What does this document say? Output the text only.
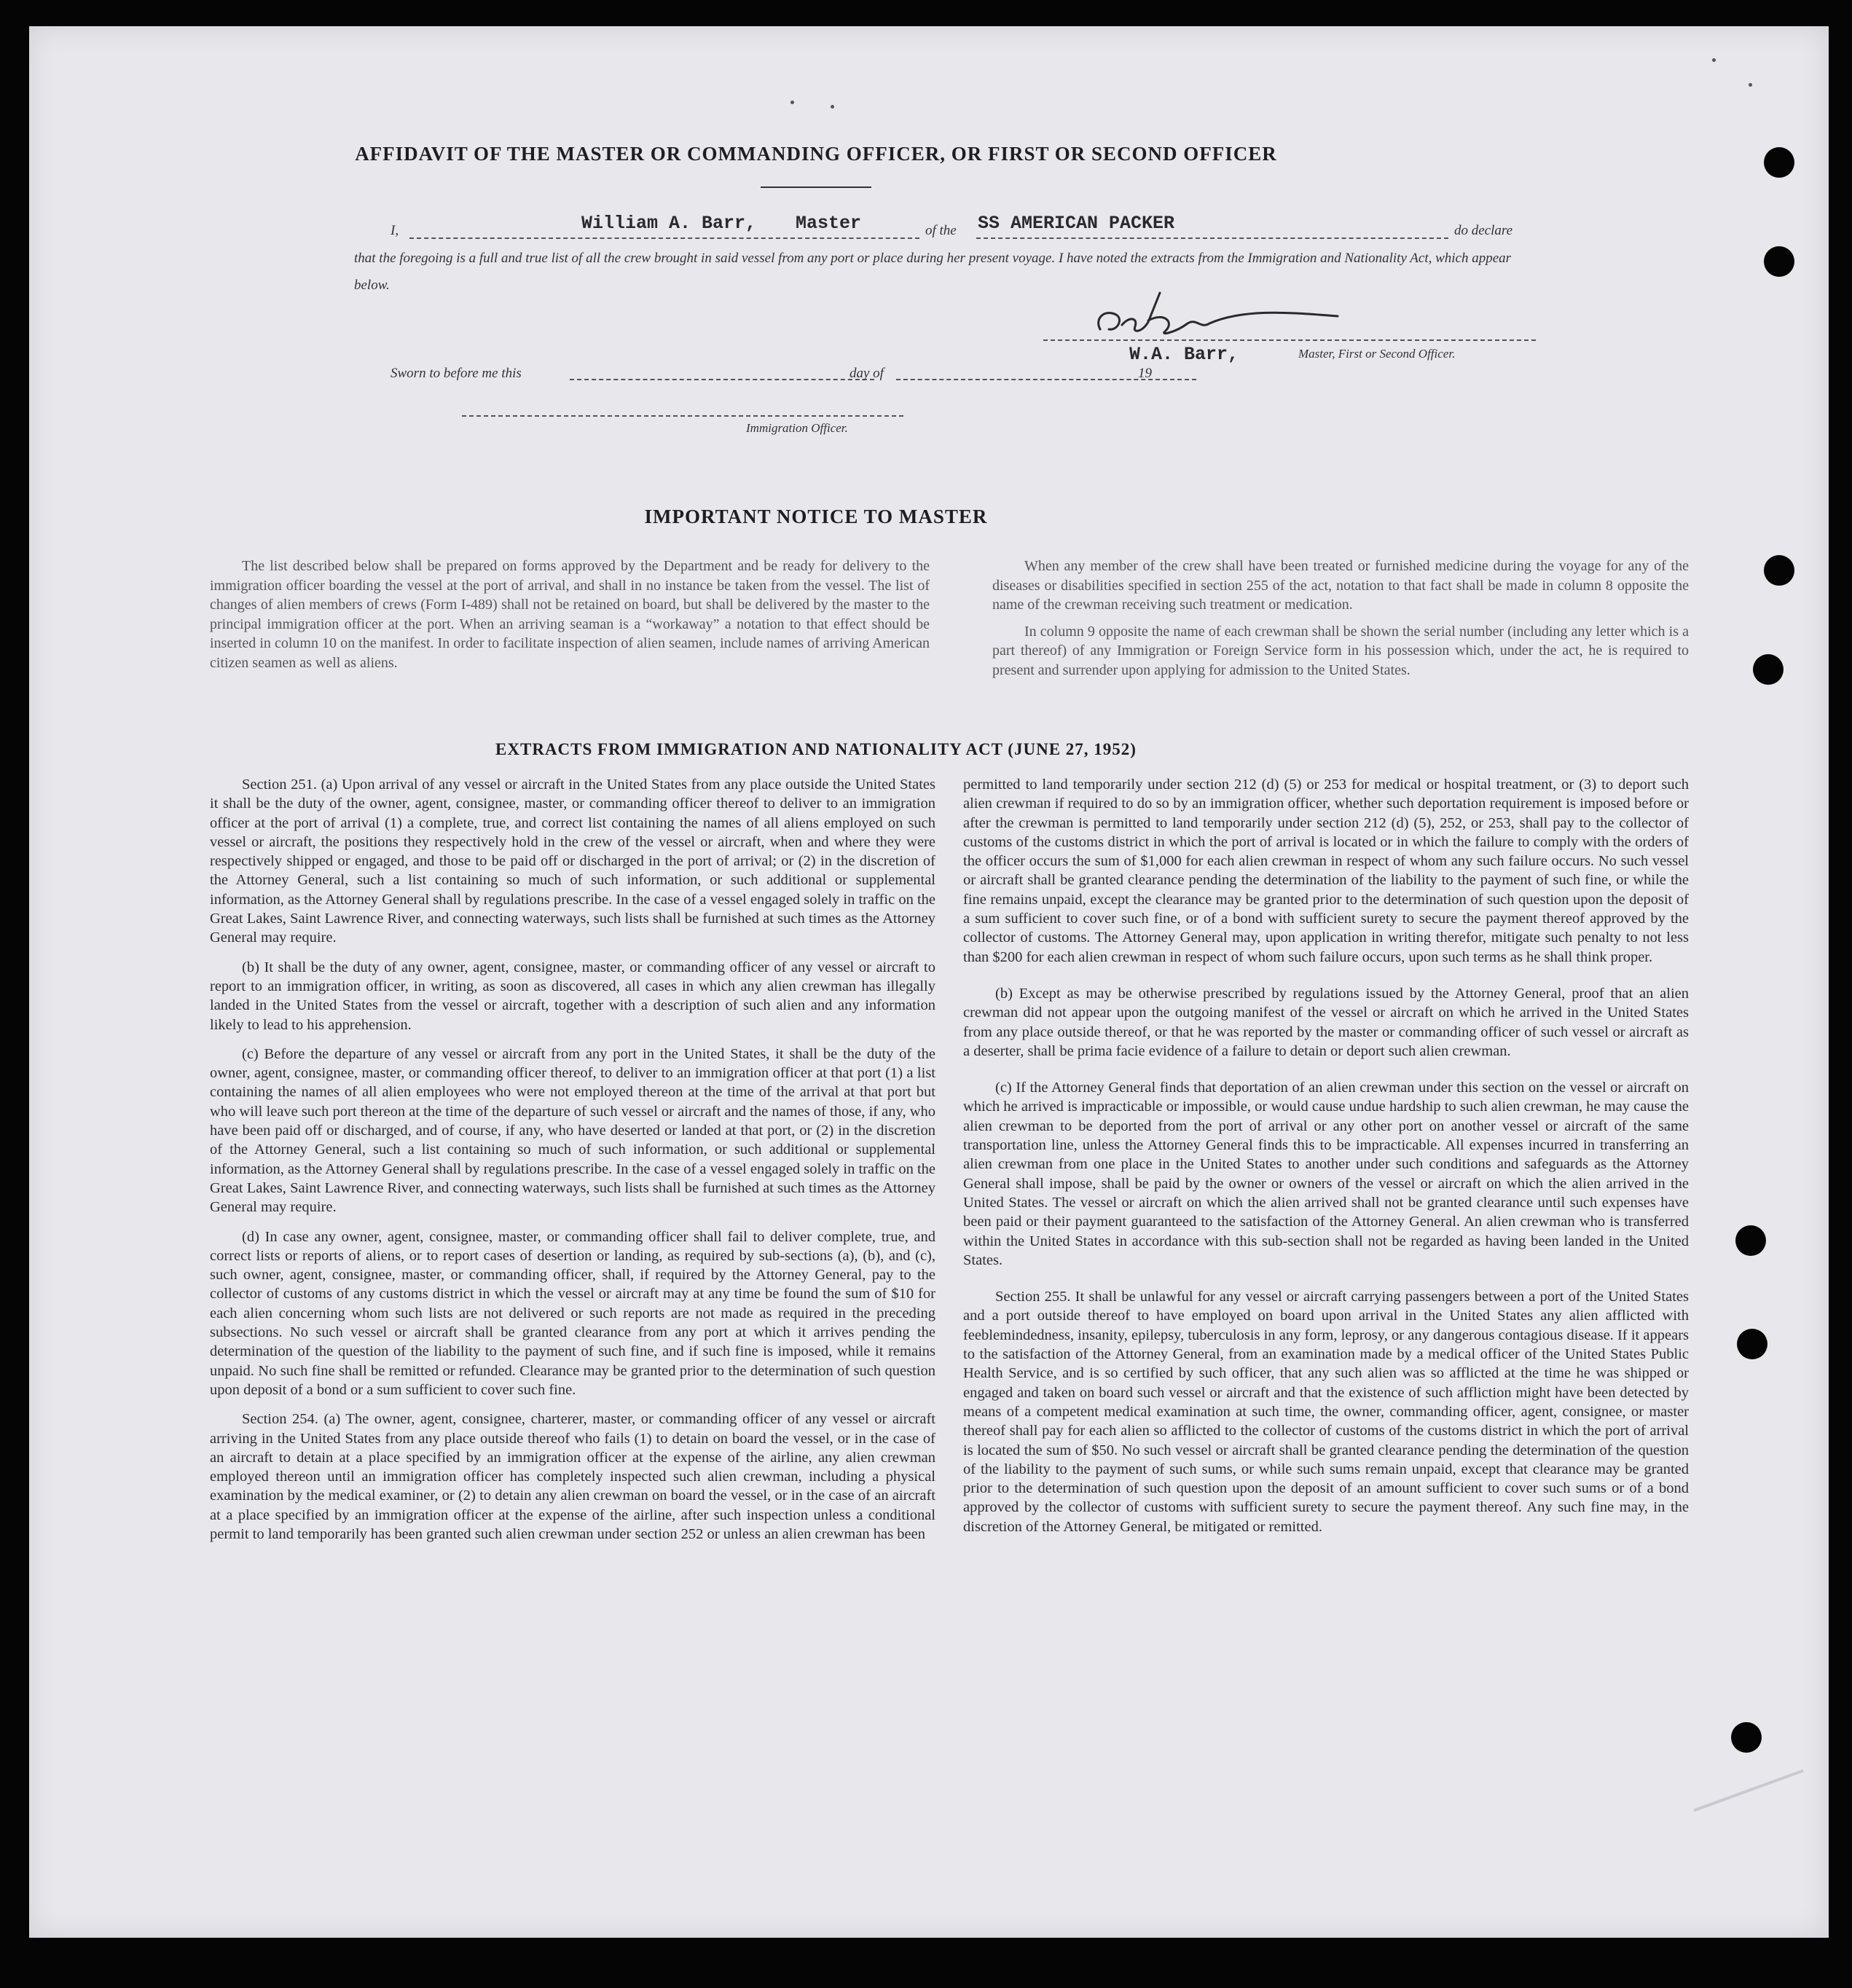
AFFIDAVIT OF THE MASTER OR COMMANDING OFFICER, OR FIRST OR SECOND OFFICER
I,	William A. Barr, Master	of the SS AMERICAN PACKER	do declare
that the foregoing is a full and true list of all the crew brought in said vessel from any port or place during her present voyage. I have noted the extracts from the Immigration and Nationality Act, which appear below.
W.A. Barr,	Master, First or Second Officer.
Sworn to before me this	day of	19
Immigration Officer.
IMPORTANT NOTICE TO MASTER

The list described below shall be prepared on forms approved by the Department and be ready for delivery to the immigration officer boarding the vessel at the port of arrival, and shall in no instance be taken from the vessel. The list of changes of alien members of crews (Form I-489) shall not be retained on board, but shall be delivered by the master to the principal immigration officer at the port. When an arriving seaman is a “workaway” a notation to that effect should be inserted in column 10 on the manifest. In order to facilitate inspection of alien seamen, include names of arriving American citizen seamen as well as aliens.

When any member of the crew shall have been treated or furnished medicine during the voyage for any of the diseases or disabilities specified in section 255 of the act, notation to that fact shall be made in column 8 opposite the name of the crewman receiving such treatment or medication.

In column 9 opposite the name of each crewman shall be shown the serial number (including any letter which is a part thereof) of any Immigration or Foreign Service form in his possession which, under the act, he is required to present and surrender upon applying for admission to the United States.

EXTRACTS FROM IMMIGRATION AND NATIONALITY ACT (JUNE 27, 1952)

Section 251. (a) Upon arrival of any vessel or aircraft in the United States from any place outside the United States it shall be the duty of the owner, agent, consignee, master, or commanding officer thereof to deliver to an immigration officer at the port of arrival (1) a complete, true, and correct list containing the names of all aliens employed on such vessel or aircraft, the positions they respectively hold in the crew of the vessel or aircraft, when and where they were respectively shipped or engaged, and those to be paid off or discharged in the port of arrival; or (2) in the discretion of the Attorney General, such a list containing so much of such information, or such additional or supplemental information, as the Attorney General shall by regulations prescribe. In the case of a vessel engaged solely in traffic on the Great Lakes, Saint Lawrence River, and connecting waterways, such lists shall be furnished at such times as the Attorney General may require.

(b) It shall be the duty of any owner, agent, consignee, master, or commanding officer of any vessel or aircraft to report to an immigration officer, in writing, as soon as discovered, all cases in which any alien crewman has illegally landed in the United States from the vessel or aircraft, together with a description of such alien and any information likely to lead to his apprehension.

(c) Before the departure of any vessel or aircraft from any port in the United States, it shall be the duty of the owner, agent, consignee, master, or commanding officer thereof, to deliver to an immigration officer at that port (1) a list containing the names of all alien employees who were not employed thereon at the time of the arrival at that port but who will leave such port thereon at the time of the departure of such vessel or aircraft and the names of those, if any, who have been paid off or discharged, and of course, if any, who have deserted or landed at that port, or (2) in the discretion of the Attorney General, such a list containing so much of such information, or such additional or supplemental information, as the Attorney General shall by regulations prescribe. In the case of a vessel engaged solely in traffic on the Great Lakes, Saint Lawrence River, and connecting waterways, such lists shall be furnished at such times as the Attorney General may require.

(d) In case any owner, agent, consignee, master, or commanding officer shall fail to deliver complete, true, and correct lists or reports of aliens, or to report cases of desertion or landing, as required by sub-sections (a), (b), and (c), such owner, agent, consignee, master, or commanding officer, shall, if required by the Attorney General, pay to the collector of customs of any customs district in which the vessel or aircraft may at any time be found the sum of $10 for each alien concerning whom such lists are not delivered or such reports are not made as required in the preceding subsections. No such vessel or aircraft shall be granted clearance from any port at which it arrives pending the determination of the question of the liability to the payment of such fine, and if such fine is imposed, while it remains unpaid. No such fine shall be remitted or refunded. Clearance may be granted prior to the determination of such question upon deposit of a bond or a sum sufficient to cover such fine.

Section 254. (a) The owner, agent, consignee, charterer, master, or commanding officer of any vessel or aircraft arriving in the United States from any place outside thereof who fails (1) to detain on board the vessel, or in the case of an aircraft to detain at a place specified by an immigration officer at the expense of the airline, any alien crewman employed thereon until an immigration officer has completely inspected such alien crewman, including a physical examination by the medical examiner, or (2) to detain any alien crewman on board the vessel, or in the case of an aircraft at a place specified by an immigration officer at the expense of the airline, after such inspection unless a conditional permit to land temporarily has been granted such alien crewman under section 252 or unless an alien crewman has been

permitted to land temporarily under section 212 (d) (5) or 253 for medical or hospital treatment, or (3) to deport such alien crewman if required to do so by an immigration officer, whether such deportation requirement is imposed before or after the crewman is permitted to land temporarily under section 212 (d) (5), 252, or 253, shall pay to the collector of customs of the customs district in which the port of arrival is located or in which the failure to comply with the orders of the officer occurs the sum of $1,000 for each alien crewman in respect of whom any such failure occurs. No such vessel or aircraft shall be granted clearance pending the determination of the liability to the payment of such fine, or while the fine remains unpaid, except the clearance may be granted prior to the determination of such question upon the deposit of a sum sufficient to cover such fine, or of a bond with sufficient surety to secure the payment thereof approved by the collector of customs. The Attorney General may, upon application in writing therefor, mitigate such penalty to not less than $200 for each alien crewman in respect of whom such failure occurs, upon such terms as he shall think proper.

(b) Except as may be otherwise prescribed by regulations issued by the Attorney General, proof that an alien crewman did not appear upon the outgoing manifest of the vessel or aircraft on which he arrived in the United States from any place outside thereof, or that he was reported by the master or commanding officer of such vessel or aircraft as a deserter, shall be prima facie evidence of a failure to detain or deport such alien crewman.

(c) If the Attorney General finds that deportation of an alien crewman under this section on the vessel or aircraft on which he arrived is impracticable or impossible, or would cause undue hardship to such alien crewman, he may cause the alien crewman to be deported from the port of arrival or any other port on another vessel or aircraft of the same transportation line, unless the Attorney General finds this to be impracticable. All expenses incurred in transferring an alien crewman from one place in the United States to another under such conditions and safeguards as the Attorney General shall impose, shall be paid by the owner or owners of the vessel or aircraft on which the alien arrived in the United States. The vessel or aircraft on which the alien arrived shall not be granted clearance until such expenses have been paid or their payment guaranteed to the satisfaction of the Attorney General. An alien crewman who is transferred within the United States in accordance with this sub-section shall not be regarded as having been landed in the United States.

Section 255. It shall be unlawful for any vessel or aircraft carrying passengers between a port of the United States and a port outside thereof to have employed on board upon arrival in the United States any alien afflicted with feeblemindedness, insanity, epilepsy, tuberculosis in any form, leprosy, or any dangerous contagious disease. If it appears to the satisfaction of the Attorney General, from an examination made by a medical officer of the United States Public Health Service, and is so certified by such officer, that any such alien was so afflicted at the time he was shipped or engaged and taken on board such vessel or aircraft and that the existence of such affliction might have been detected by means of a competent medical examination at such time, the owner, commanding officer, agent, consignee, or master thereof shall pay for each alien so afflicted to the collector of customs of the customs district in which the port of arrival is located the sum of $50. No such vessel or aircraft shall be granted clearance pending the determination of the question of the liability to the payment of such sums, or while such sums remain unpaid, except that clearance may be granted prior to the determination of such question upon the deposit of an amount sufficient to cover such sums or of a bond approved by the collector of customs with sufficient surety to secure the payment thereof. Any such fine may, in the discretion of the Attorney General, be mitigated or remitted.
